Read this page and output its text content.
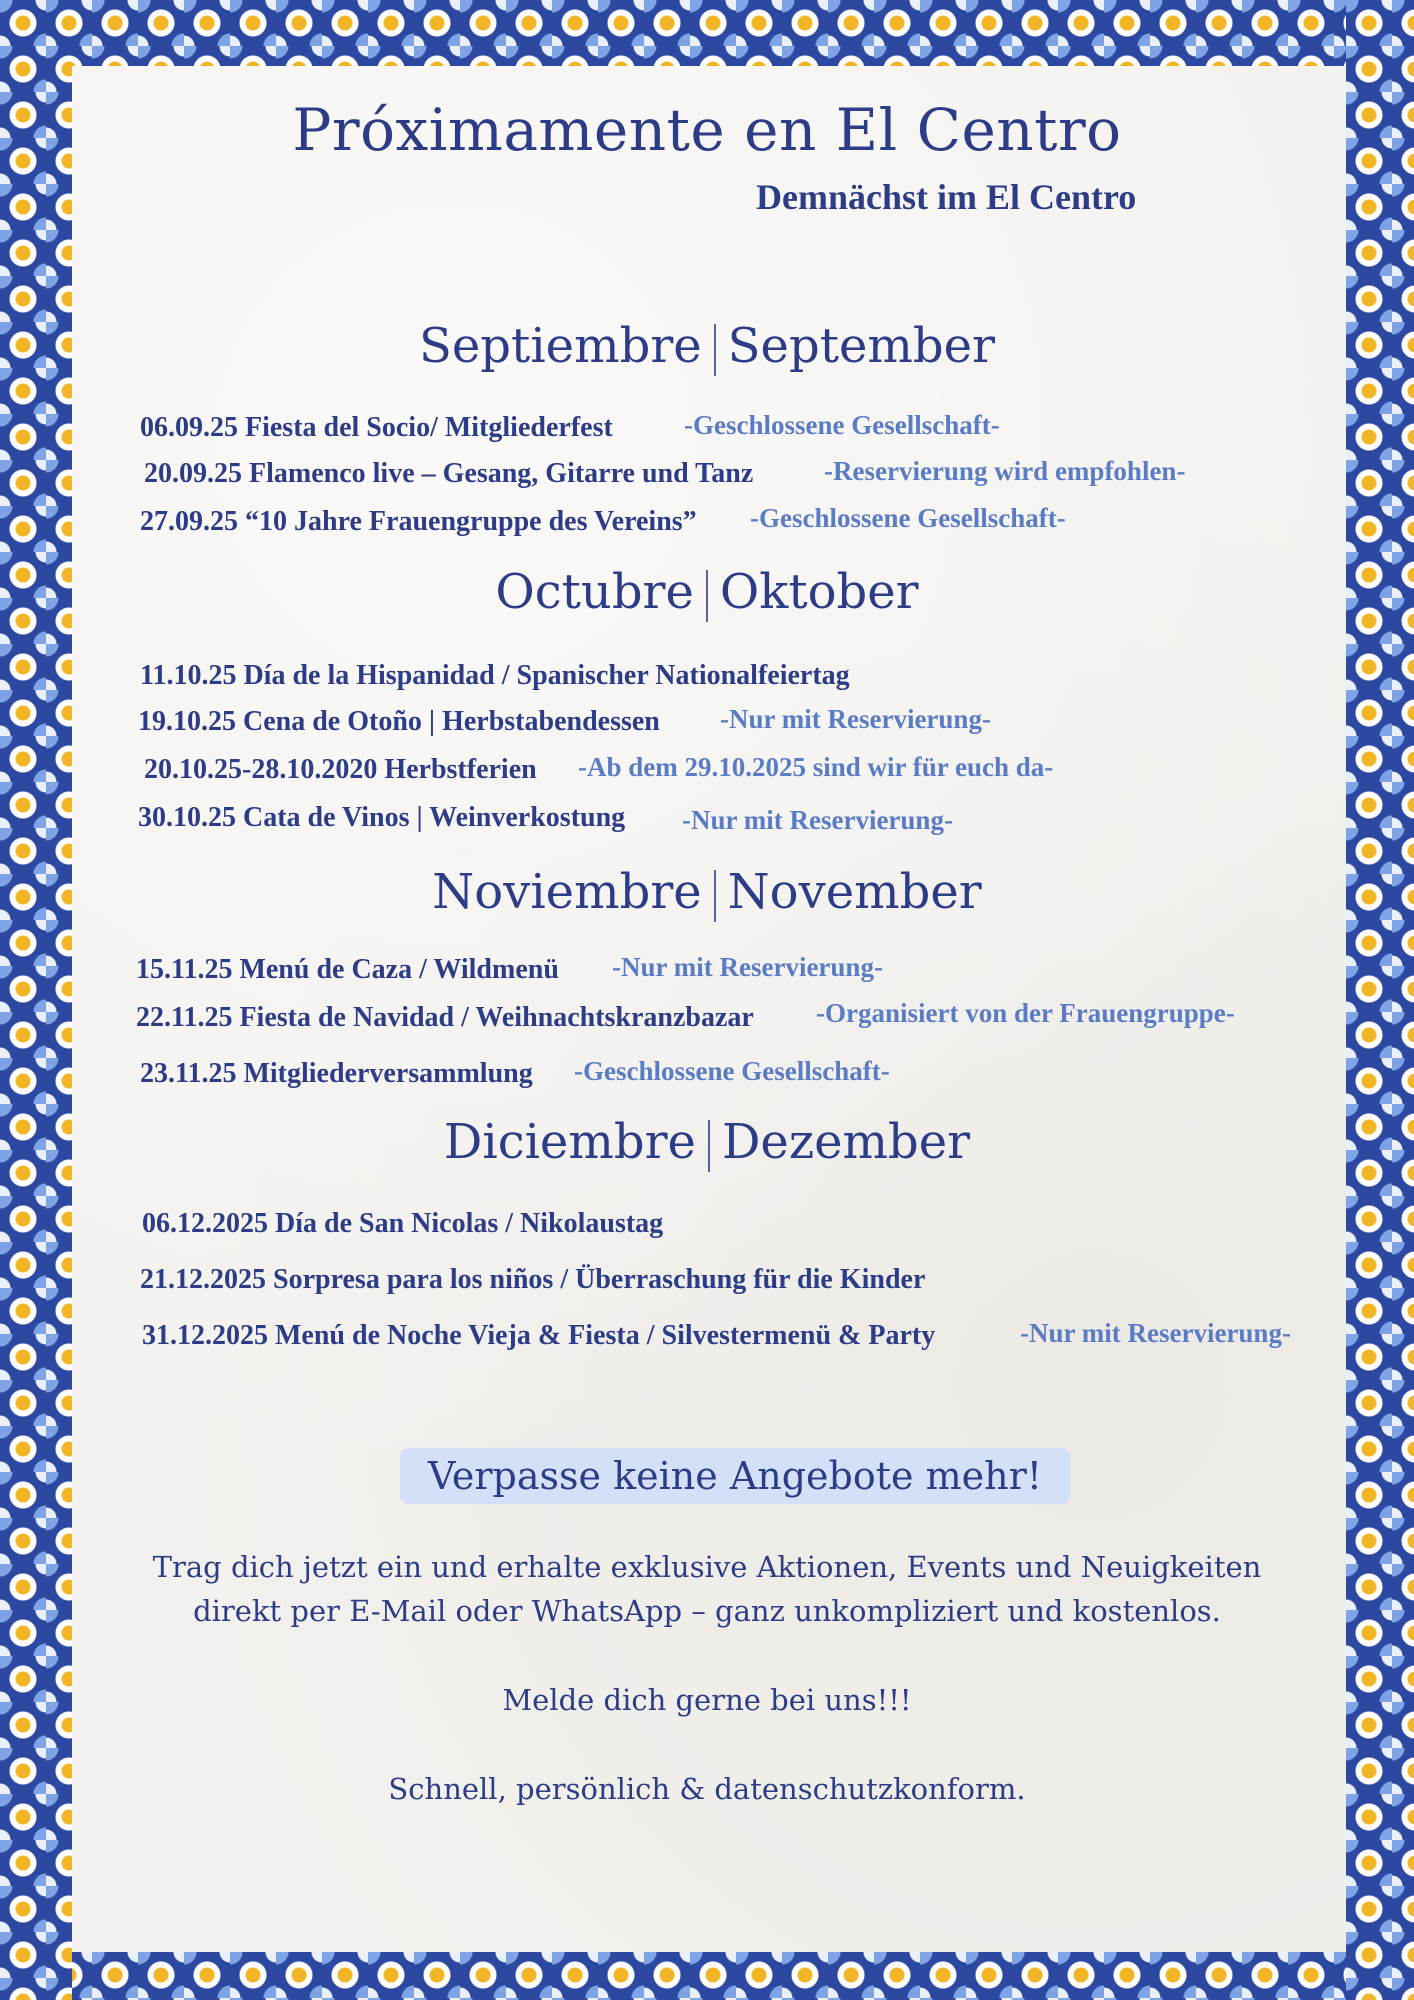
Próximamente en El Centro
Demnächst im El Centro
Septiembre September
06.09.25 Fiesta del Socio/ Mitgliederfest	-Geschlossene Gesellschaft-
20.09.25 Flamenco live – Gesang, Gitarre und Tanz	-Reservierung wird empfohlen-
27.09.25 “10 Jahre Frauengruppe des Vereins” -Geschlossene Gesellschaft-
Octubre Oktober
11.10.25 Día de la Hispanidad / Spanischer Nationalfeiertag
19.10.25 Cena de Otoño | Herbstabendessen -Nur mit Reservierung-
20.10.25-28.10.2020 Herbstferien -Ab dem 29.10.2025 sind wir für euch da-
30.10.25 Cata de Vinos | Weinverkostung -Nur mit Reservierung-
Noviembre November
15.11.25 Menú de Caza / Wildmenü -Nur mit Reservierung-
22.11.25 Fiesta de Navidad / Weihnachtskranzbazar -Organisiert von der Frauengruppe-
23.11.25 Mitgliederversammlung -Geschlossene Gesellschaft-
Diciembre Dezember
06.12.2025 Día de San Nicolas / Nikolaustag
21.12.2025 Sorpresa para los niños / Überraschung für die Kinder
31.12.2025 Menú de Noche Vieja & Fiesta / Silvestermenü & Party	-Nur mit Reservierung-
Verpasse keine Angebote mehr!
Trag dich jetzt ein und erhalte exklusive Aktionen, Events und Neuigkeiten
direkt per E-Mail oder WhatsApp – ganz unkompliziert und kostenlos.
Melde dich gerne bei uns!!!
Schnell, persönlich & datenschutzkonform.
